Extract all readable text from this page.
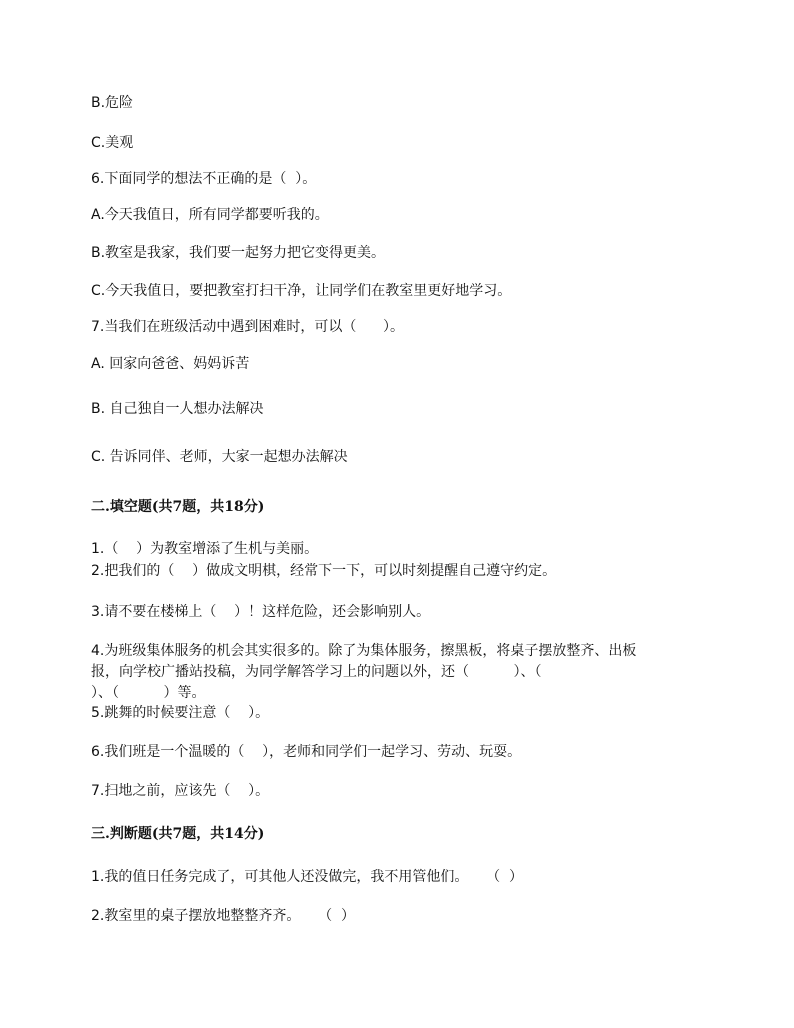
B.危险
C.美观
6.下面同学的想法不正确的是（  ）。
A.今天我值日，所有同学都要听我的。
B.教室是我家，我们要一起努力把它变得更美。
C.今天我值日，要把教室打扫干净，让同学们在教室里更好地学习。
7.当我们在班级活动中遇到困难时，可以（      ）。
A. 回家向爸爸、妈妈诉苦
B. 自己独自一人想办法解决
C. 告诉同伴、老师，大家一起想办法解决
二.填空题(共7题，共18分)
1.（    ）为教室增添了生机与美丽。
2.把我们的（    ）做成文明棋，经常下一下，可以时刻提醒自己遵守约定。
3.请不要在楼梯上（    ）！这样危险，还会影响别人。
4.为班级集体服务的机会其实很多的。除了为集体服务，擦黑板，将桌子摆放整齐、出板
报，向学校广播站投稿，为同学解答学习上的问题以外，还（          ）、（
）、（          ）等。
5.跳舞的时候要注意（    ）。
6.我们班是一个温暖的（    ），老师和同学们一起学习、劳动、玩耍。
7.扫地之前，应该先（    ）。
三.判断题(共7题，共14分)
1.我的值日任务完成了，可其他人还没做完，我不用管他们。    （  ）
2.教室里的桌子摆放地整整齐齐。    （  ）
